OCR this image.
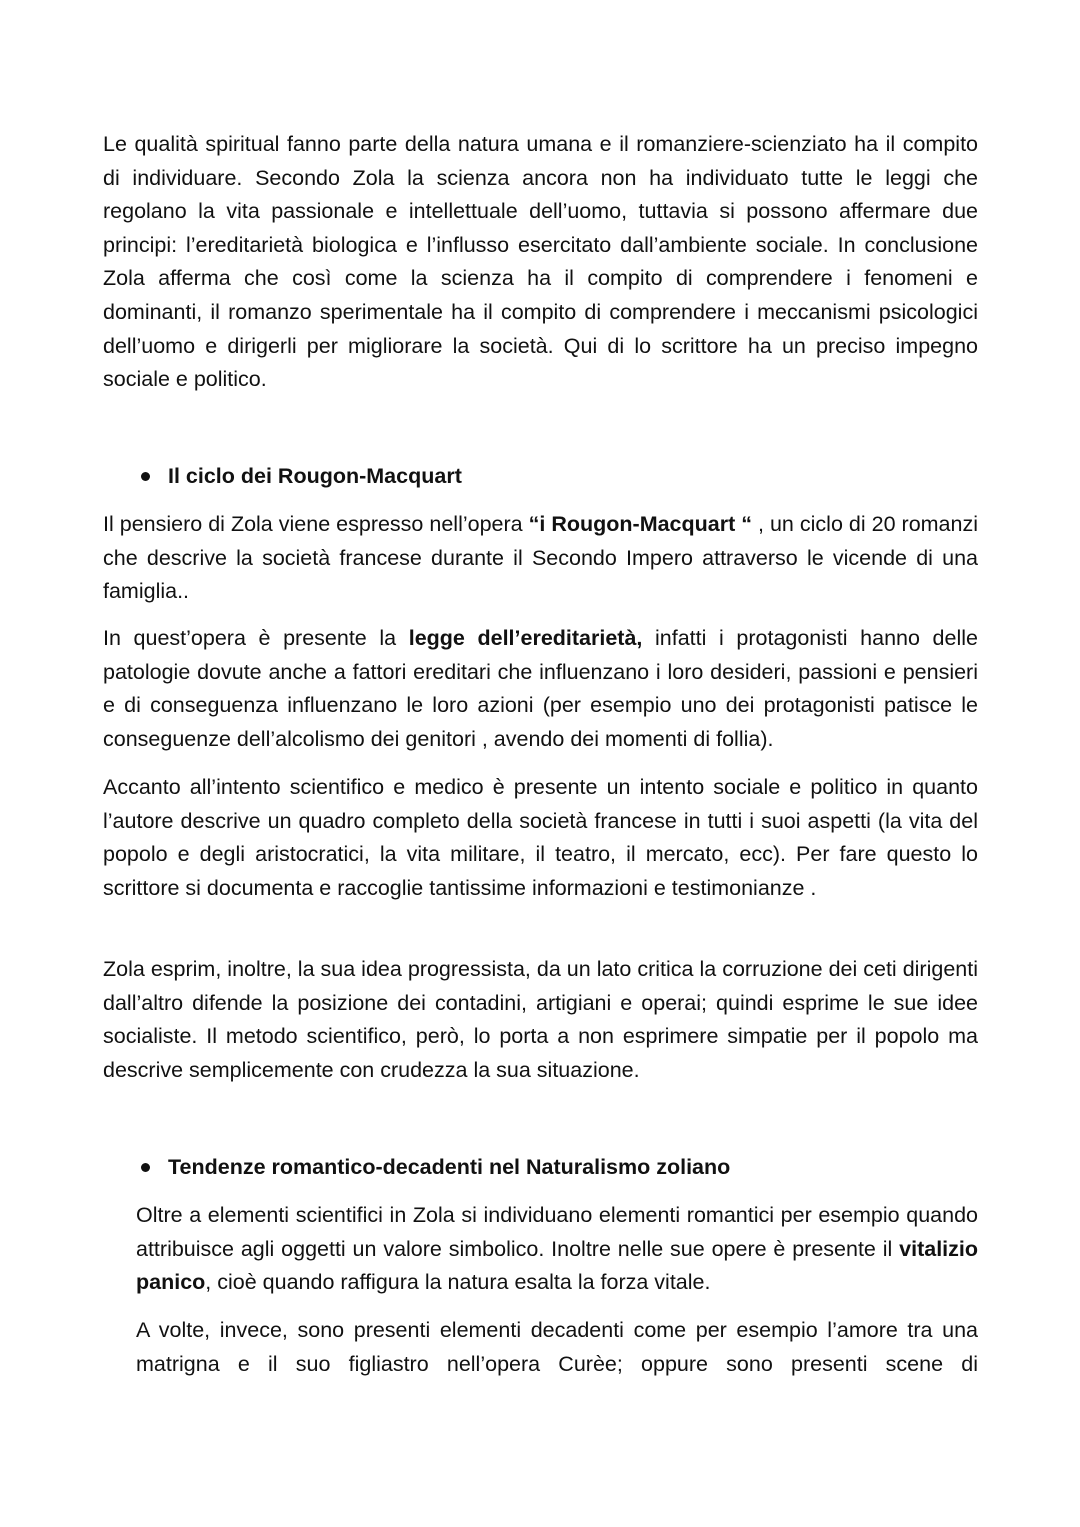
Le qualità spiritual fanno parte della natura umana e il romanziere-scienziato ha il compito di individuare. Secondo Zola la scienza ancora non ha individuato tutte le leggi che regolano la vita passionale e intellettuale dell’uomo, tuttavia si possono affermare due principi: l’ereditarietà biologica e l’influsso esercitato dall’ambiente sociale. In conclusione Zola afferma che così come la scienza ha il compito di comprendere i fenomeni e dominanti, il romanzo sperimentale ha il compito di comprendere i meccanismi psicologici dell’uomo e dirigerli per migliorare la società. Qui di lo scrittore ha un preciso impegno sociale e politico.

Il ciclo dei Rougon-Macquart

Il pensiero di Zola viene espresso nell’opera “i Rougon-Macquart “ , un ciclo di 20 romanzi che descrive la società francese durante il Secondo Impero attraverso le vicende di una famiglia..

In quest’opera è presente la legge dell’ereditarietà, infatti i protagonisti hanno delle patologie dovute anche a fattori ereditari che influenzano i loro desideri, passioni e pensieri e di conseguenza influenzano le loro azioni (per esempio uno dei protagonisti patisce le conseguenze dell’alcolismo dei genitori , avendo dei momenti di follia).

Accanto all’intento scientifico e medico è presente un intento sociale e politico in quanto l’autore descrive un quadro completo della società francese in tutti i suoi aspetti (la vita del popolo e degli aristocratici, la vita militare, il teatro, il mercato, ecc). Per fare questo lo scrittore si documenta e raccoglie tantissime informazioni e testimonianze .

Zola esprim, inoltre, la sua idea progressista, da un lato critica la corruzione dei ceti dirigenti dall’altro difende la posizione dei contadini, artigiani e operai; quindi esprime le sue idee socialiste. Il metodo scientifico, però, lo porta a non esprimere simpatie per il popolo ma descrive semplicemente con crudezza la sua situazione.

Tendenze romantico-decadenti nel Naturalismo zoliano

Oltre a elementi scientifici in Zola si individuano elementi romantici per esempio quando attribuisce agli oggetti un valore simbolico. Inoltre nelle sue opere è presente il vitalizio panico, cioè quando raffigura la natura esalta la forza vitale.

A volte, invece, sono presenti elementi decadenti come per esempio l’amore tra una matrigna e il suo figliastro nell’opera Curèe; oppure sono presenti scene di
